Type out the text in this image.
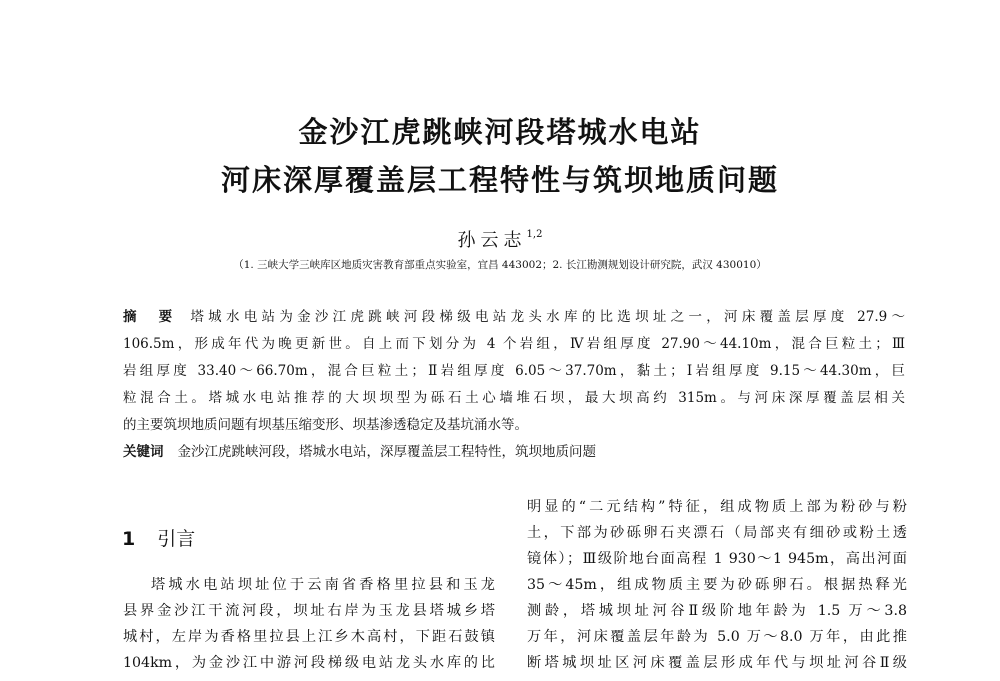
金沙江虎跳峡河段塔城水电站
河床深厚覆盖层工程特性与筑坝地质问题
孙云志$^{1,2}$
（1. 三峡大学三峡库区地质灾害教育部重点实验室，宜昌 443002；2. 长江勘测规划设计研究院，武汉 430010）
摘　要 塔城水电站为金沙江虎跳峡河段梯级电站龙头水库的比选坝址之一，河床覆盖层厚度 27.9～
106.5m，形成年代为晚更新世。自上而下划分为 4 个岩组，Ⅳ岩组厚度 27.90～44.10m，混合巨粒土；Ⅲ
岩组厚度 33.40～66.70m，混合巨粒土；Ⅱ岩组厚度 6.05～37.70m，黏土；Ⅰ岩组厚度 9.15～44.30m，巨
粒混合土。塔城水电站推荐的大坝坝型为砾石土心墙堆石坝，最大坝高约 315m。与河床深厚覆盖层相关
的主要筑坝地质问题有坝基压缩变形、坝基渗透稳定及基坑涌水等。
关键词 金沙江虎跳峡河段，塔城水电站，深厚覆盖层工程特性，筑坝地质问题
1 引言
塔城水电站坝址位于云南省香格里拉县和玉龙
县界金沙江干流河段，坝址右岸为玉龙县塔城乡塔
城村，左岸为香格里拉县上江乡木高村，下距石鼓镇
104km，为金沙江中游河段梯级电站龙头水库的比
明显的“二元结构”特征，组成物质上部为粉砂与粉
土，下部为砂砾卵石夹漂石（局部夹有细砂或粉土透
镜体）；Ⅲ级阶地台面高程 1 930～1 945m，高出河面
35～45m，组成物质主要为砂砾卵石。根据热释光
测龄，塔城坝址河谷Ⅱ级阶地年龄为 1.5 万～3.8
万年，河床覆盖层年龄为 5.0 万～8.0 万年，由此推
断塔城坝址区河床覆盖层形成年代与坝址河谷Ⅱ级
